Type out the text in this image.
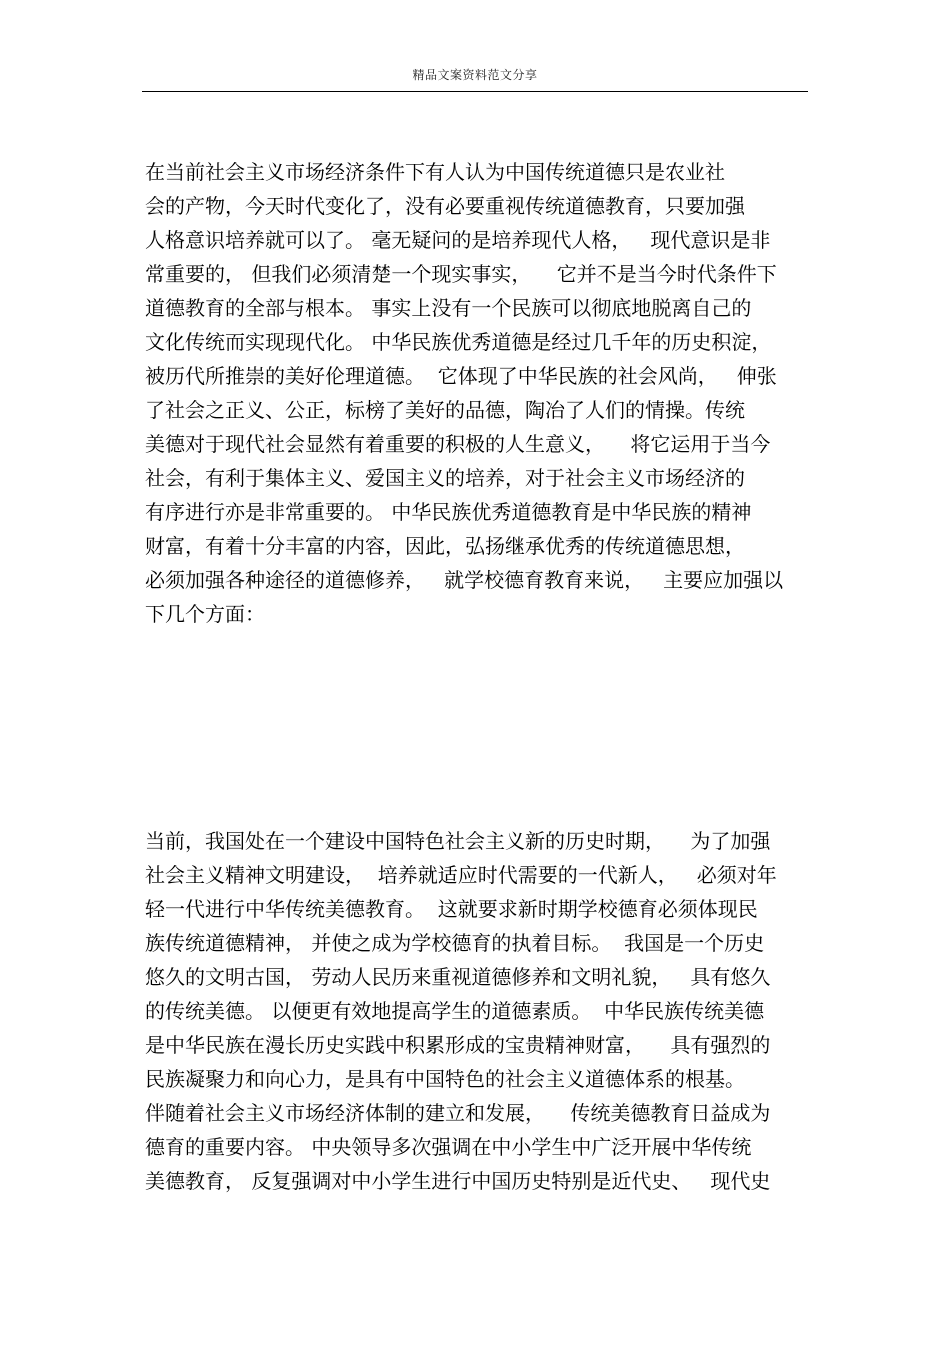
精品文案资料范文分享
在当前社会主义市场经济条件下有人认为中国传统道德只是农业社
会的产物，今天时代变化了，没有必要重视传统道德教育，只要加强
人格意识培养就可以了。 毫无疑问的是培养现代人格，   现代意识是非
常重要的， 但我们必须清楚一个现实事实，    它并不是当今时代条件下
道德教育的全部与根本。 事实上没有一个民族可以彻底地脱离自己的
文化传统而实现现代化。 中华民族优秀道德是经过几千年的历史积淀，
被历代所推崇的美好伦理道德。  它体现了中华民族的社会风尚，   伸张
了社会之正义、公正，标榜了美好的品德，陶冶了人们的情操。传统
美德对于现代社会显然有着重要的积极的人生意义，    将它运用于当今
社会，有利于集体主义、爱国主义的培养，对于社会主义市场经济的
有序进行亦是非常重要的。 中华民族优秀道德教育是中华民族的精神
财富，有着十分丰富的内容，因此，弘扬继承优秀的传统道德思想，
必须加强各种途径的道德修养，   就学校德育教育来说，   主要应加强以
下几个方面：
当前，我国处在一个建设中国特色社会主义新的历史时期，    为了加强
社会主义精神文明建设，  培养就适应时代需要的一代新人，   必须对年
轻一代进行中华传统美德教育。  这就要求新时期学校德育必须体现民
族传统道德精神， 并使之成为学校德育的执着目标。  我国是一个历史
悠久的文明古国， 劳动人民历来重视道德修养和文明礼貌，   具有悠久
的传统美德。 以便更有效地提高学生的道德素质。  中华民族传统美德
是中华民族在漫长历史实践中积累形成的宝贵精神财富，    具有强烈的
民族凝聚力和向心力，是具有中国特色的社会主义道德体系的根基。
伴随着社会主义市场经济体制的建立和发展，    传统美德教育日益成为
德育的重要内容。 中央领导多次强调在中小学生中广泛开展中华传统
美德教育， 反复强调对中小学生进行中国历史特别是近代史、   现代史
